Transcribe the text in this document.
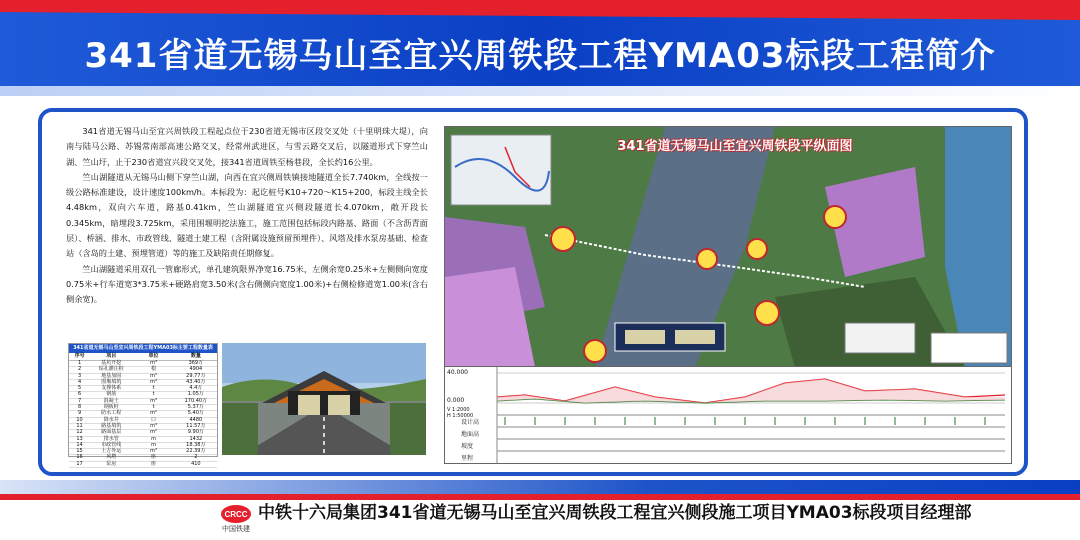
341省道无锡马山至宜兴周铁段工程YMA03标段工程简介

341省道无锡马山至宜兴周铁段工程起点位于230省道无锡市区段交叉处（十里明珠大堤），向南与陆马公路、苏锡常南部高速公路交叉，经常州武进区，与雪云路交叉后，以隧道形式下穿竺山湖、竺山圩，止于230省道宜兴段交叉处，接341省道周铁至杨巷段，全长约16公里。

竺山湖隧道从无锡马山侧下穿竺山湖，向西在宜兴侧周铁镇接地隧道全长7.740km，全线按一级公路标准建设，设计速度100km/h。本标段为：起讫桩号K10+720～K15+200，标段主线全长4.48km，双向六车道，路基0.41km，竺山湖隧道宜兴侧段隧道长4.070km，敞开段长0.345km，暗埋段3.725km，采用围堰明挖法施工，施工范围包括标段内路基、路面（不含沥青面层）、桥涵、排水、市政管线、隧道土建工程（含附属设施预留预埋件）、风塔及排水泵房基础、检查站（含岛的土建、预埋管道）等的施工及缺陷责任期修复。

竺山湖隧道采用双孔一管廊形式，单孔建筑限界净宽16.75米，左侧余宽0.25米+左侧侧向宽度0.75米+行车道宽3*3.75米+硬路肩宽3.50米(含右侧侧向宽度1.00米)+右侧检修道宽1.00米(含右侧余宽)。

341省道无锡马山至宜兴周铁段工程YMA03标主要工程数量表
序号	项目	单位	数量
1	基坑开挖	m³	369万
2	钻孔灌注桩	根	4904
3	地基加固	m³	29.77万
4	围堰填筑	m³	43.40万
5	支撑体系	t	4.4万
6	钢筋	t	1.05万
7	混凝土	m³	170.40万
8	钢板桩	t	5.37万
9	防水工程	m²	5.40万
10	降水井	口	4480
11	路基填筑	m³	11.57万
12	路面基层	m²	9.90万
13	排水管	m	1432
14	市政管线	m	18.38万
15	土方外运	m³	22.39万
16	风塔	座	2
17	泵房	座	410
341省道无锡马山至宜兴周铁段平纵面图
40.000
0.000
V 1:2000
H 1:50000
设计高
地面高
坡度
里程
CRCC
中国铁建
中铁十六局集团341省道无锡马山至宜兴周铁段工程宜兴侧段施工项目YMA03标段项目经理部
